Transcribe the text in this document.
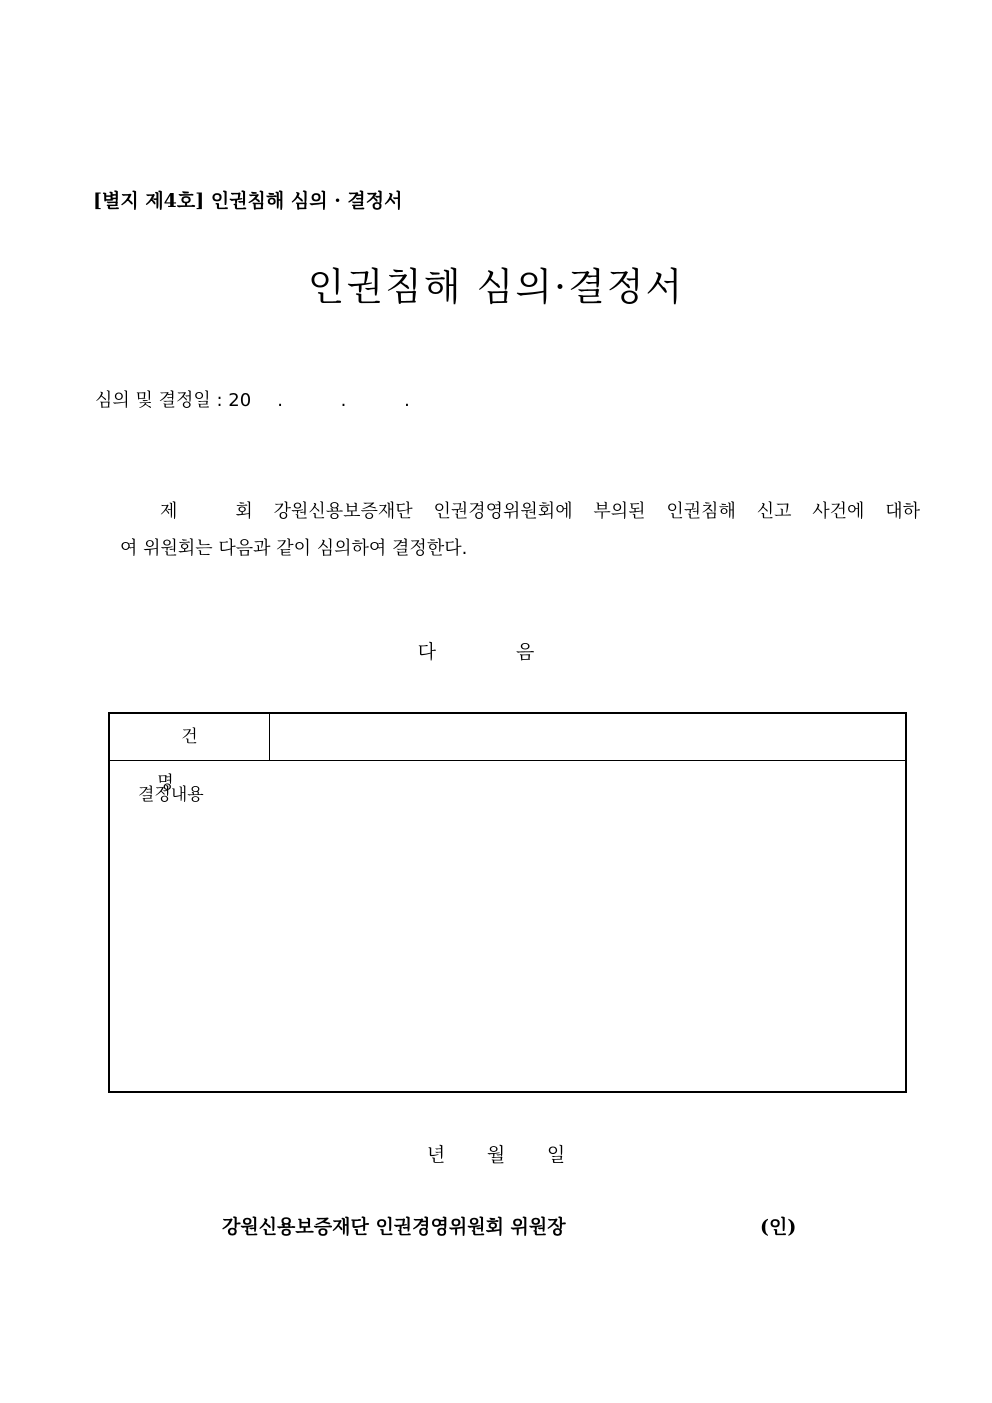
[별지 제4호] 인권침해 심의 · 결정서
인권침해 심의·결정서
심의 및 결정일 : 20 . . .
제	회 강원신용보증재단 인권경영위원회에 부의된 인권침해 신고 사건에 대하
여 위원회는 다음과 같이 심의하여 결정한다.
다음
건명
결정내용
년 월 일
강원신용보증재단 인권경영위원회 위원장	(인)
